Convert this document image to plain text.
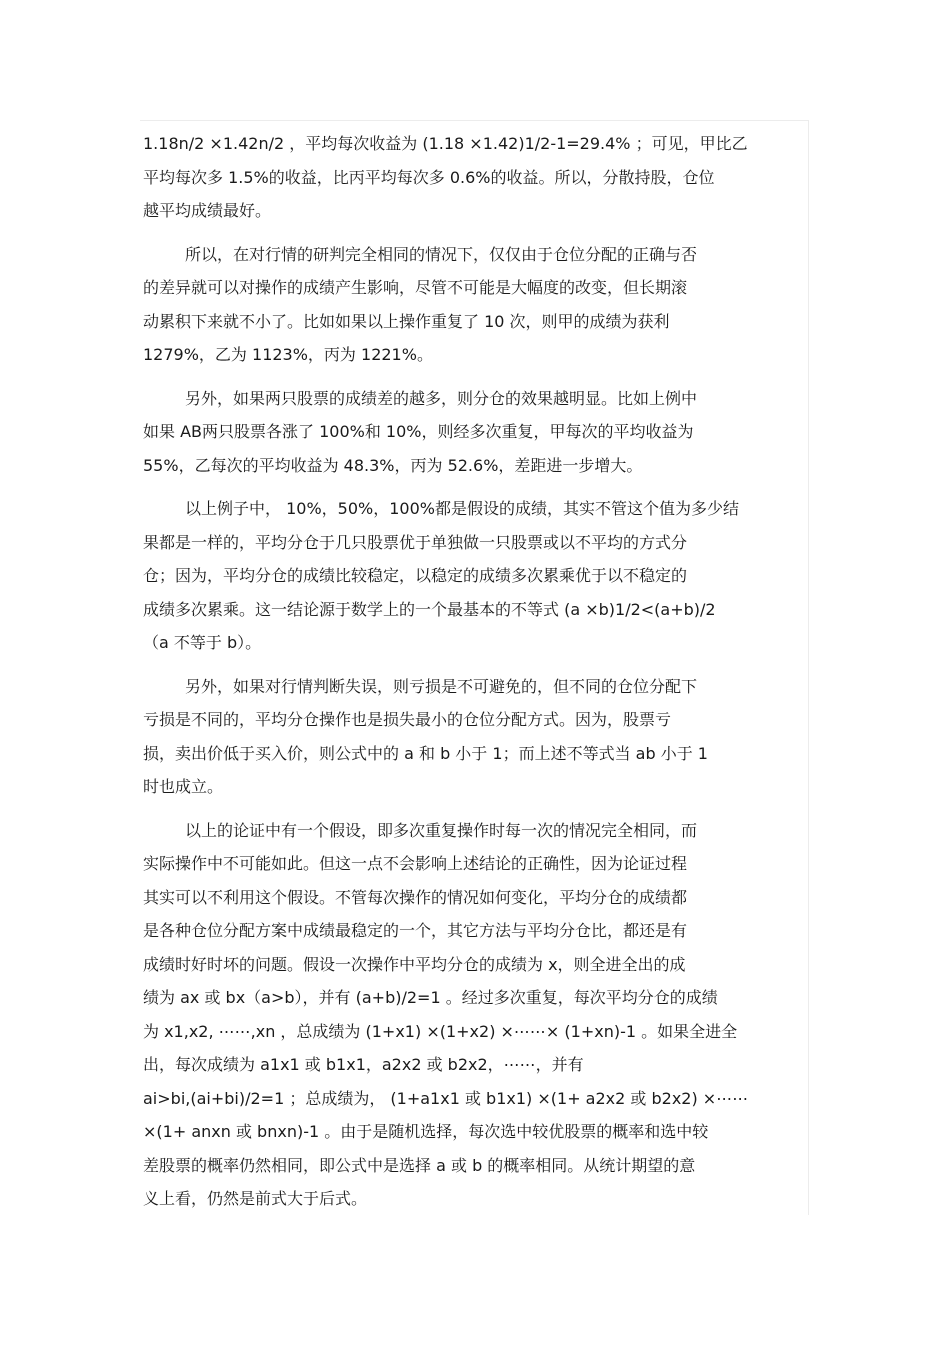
1.18n/2 ×1.42n/2 ，平均每次收益为 (1.18 ×1.42)1/2-1=29.4% ；可见，甲比乙
平均每次多 1.5%的收益，比丙平均每次多 0.6%的收益。所以，分散持股，仓位
越平均成绩最好。
所以，在对行情的研判完全相同的情况下，仅仅由于仓位分配的正确与否
的差异就可以对操作的成绩产生影响，尽管不可能是大幅度的改变，但长期滚
动累积下来就不小了。比如如果以上操作重复了 10 次，则甲的成绩为获利
1279%，乙为 1123%，丙为 1221%。
另外，如果两只股票的成绩差的越多，则分仓的效果越明显。比如上例中
如果 AB两只股票各涨了 100%和 10%，则经多次重复，甲每次的平均收益为
55%，乙每次的平均收益为 48.3%，丙为 52.6%，差距进一步增大。
以上例子中， 10%，50%，100%都是假设的成绩，其实不管这个值为多少结
果都是一样的，平均分仓于几只股票优于单独做一只股票或以不平均的方式分
仓；因为，平均分仓的成绩比较稳定，以稳定的成绩多次累乘优于以不稳定的
成绩多次累乘。这一结论源于数学上的一个最基本的不等式 (a ×b)1/2<(a+b)/2
（a 不等于 b）。
另外，如果对行情判断失误，则亏损是不可避免的，但不同的仓位分配下
亏损是不同的，平均分仓操作也是损失最小的仓位分配方式。因为，股票亏
损，卖出价低于买入价，则公式中的 a 和 b 小于 1；而上述不等式当 ab 小于 1
时也成立。
以上的论证中有一个假设，即多次重复操作时每一次的情况完全相同，而
实际操作中不可能如此。但这一点不会影响上述结论的正确性，因为论证过程
其实可以不利用这个假设。不管每次操作的情况如何变化，平均分仓的成绩都
是各种仓位分配方案中成绩最稳定的一个，其它方法与平均分仓比，都还是有
成绩时好时坏的问题。假设一次操作中平均分仓的成绩为 x，则全进全出的成
绩为 ax 或 bx（a>b），并有 (a+b)/2=1 。经过多次重复，每次平均分仓的成绩
为 x1,x2, ⋯⋯,xn ，总成绩为 (1+x1) ×(1+x2) ×⋯⋯× (1+xn)-1 。如果全进全
出，每次成绩为 a1x1 或 b1x1，a2x2 或 b2x2，⋯⋯，并有
ai>bi,(ai+bi)/2=1 ；总成绩为， (1+a1x1 或 b1x1) ×(1+ a2x2 或 b2x2) ×⋯⋯
×(1+ anxn 或 bnxn)-1 。由于是随机选择，每次选中较优股票的概率和选中较
差股票的概率仍然相同，即公式中是选择 a 或 b 的概率相同。从统计期望的意
义上看，仍然是前式大于后式。
